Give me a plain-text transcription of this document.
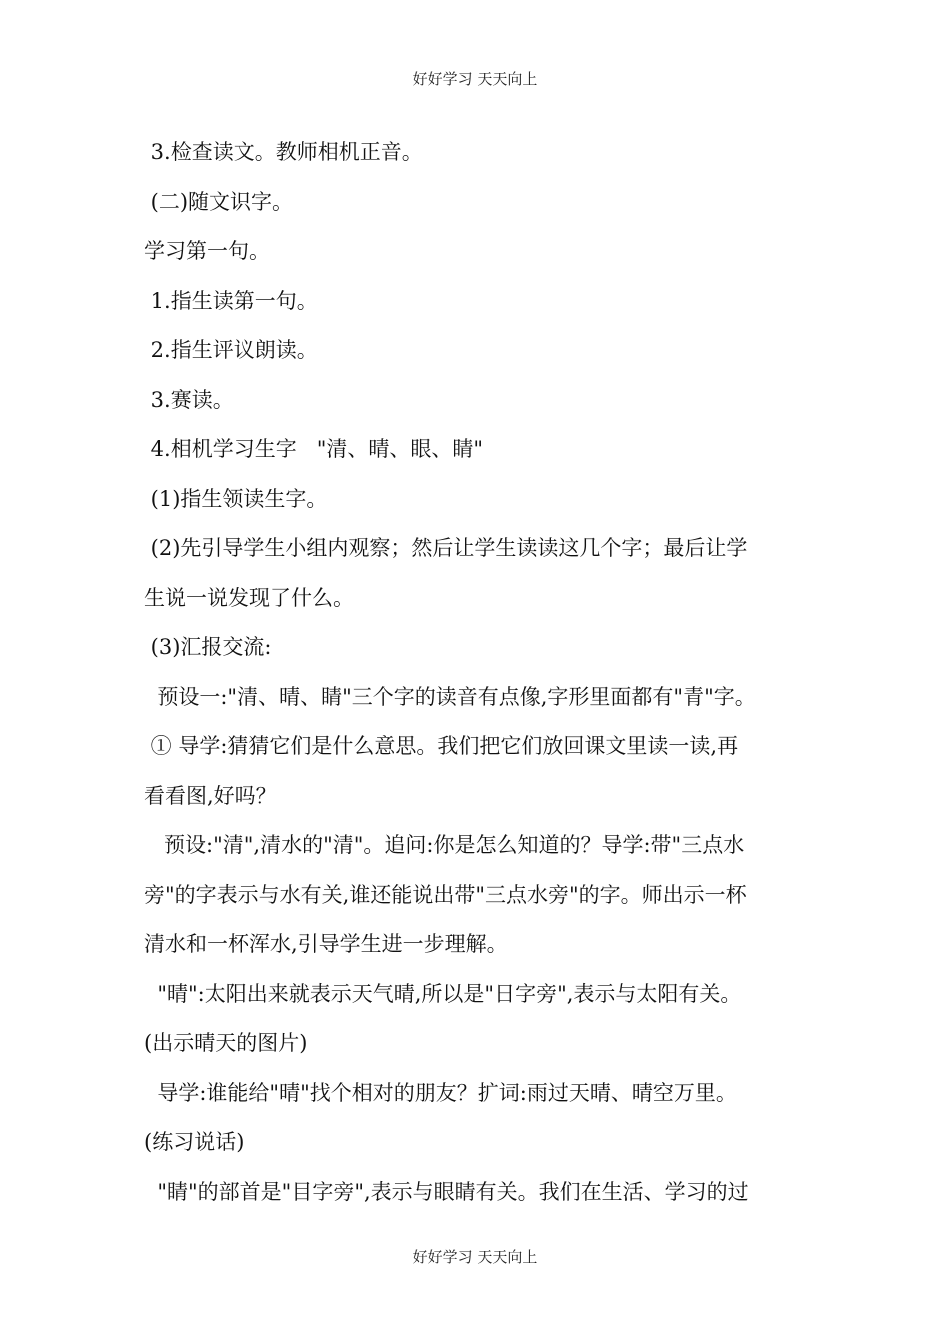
好好学习 天天向上

3.检查读文。教师相机正音。

(二)随文识字。

学习第一句。

1.指生读第一句。

2.指生评议朗读。

3.赛读。

4.相机学习生字   "清、晴、眼、睛"

(1)指生领读生字。

(2)先引导学生小组内观察；然后让学生读读这几个字；最后让学

生说一说发现了什么。

(3)汇报交流:

预设一:"清、晴、睛"三个字的读音有点像,字形里面都有"青"字。

① 导学:猜猜它们是什么意思。我们把它们放回课文里读一读,再

看看图,好吗？

预设:"清",清水的"清"。追问:你是怎么知道的？导学:带"三点水

旁"的字表示与水有关,谁还能说出带"三点水旁"的字。师出示一杯

清水和一杯浑水,引导学生进一步理解。

"晴":太阳出来就表示天气晴,所以是"日字旁",表示与太阳有关。

(出示晴天的图片)

导学:谁能给"晴"找个相对的朋友？扩词:雨过天晴、晴空万里。

(练习说话)

"睛"的部首是"目字旁",表示与眼睛有关。我们在生活、学习的过

好好学习 天天向上
